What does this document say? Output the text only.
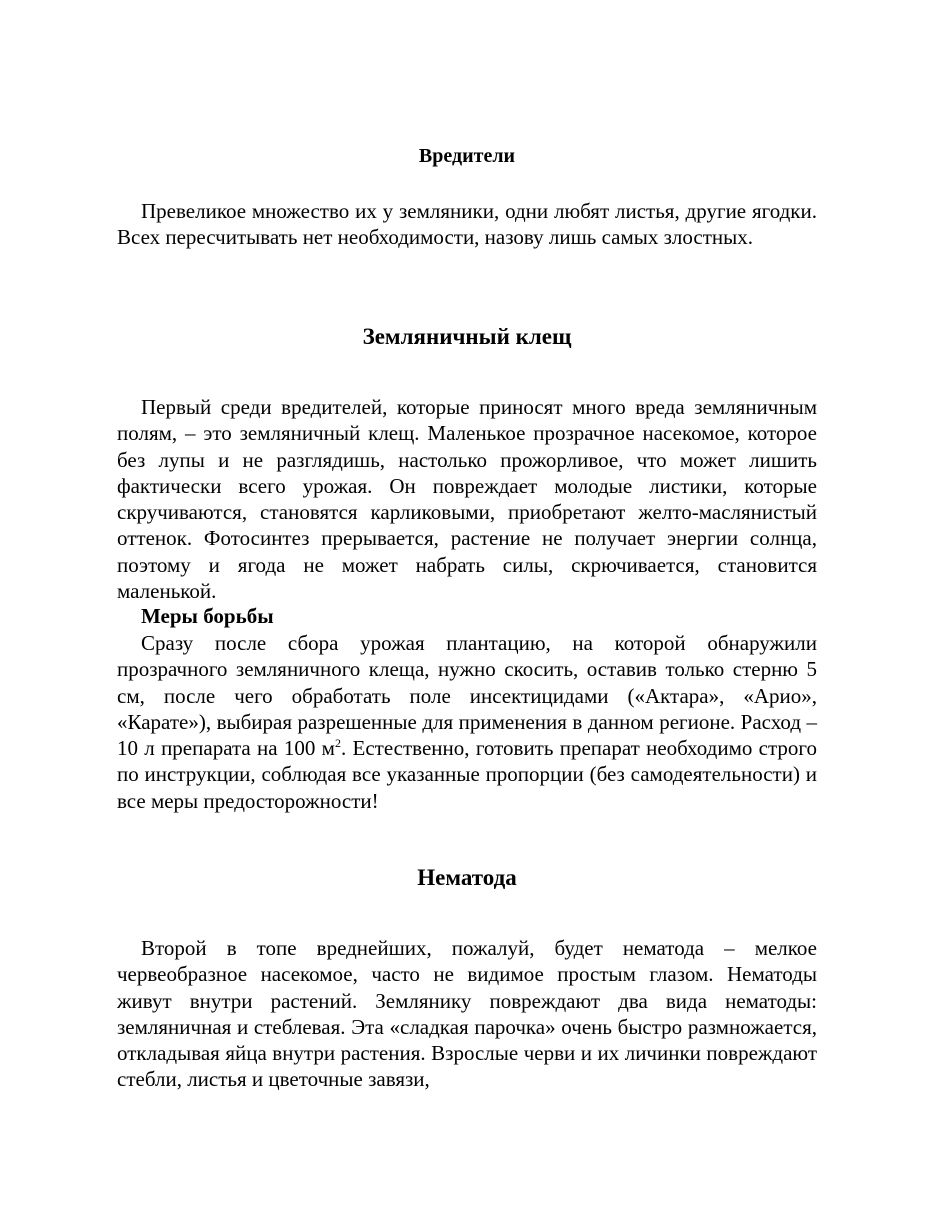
Вредители

Превеликое множество их у земляники, одни любят листья, другие ягодки. Всех пересчитывать нет необходимости, назову лишь самых злостных.

Земляничный клещ

Первый среди вредителей, которые приносят много вреда земляничным полям, – это земляничный клещ. Маленькое прозрачное насекомое, которое без лупы и не разглядишь, настолько прожорливое, что может лишить фактически всего урожая. Он повреждает молодые листики, которые скручиваются, становятся карликовыми, приобретают желто-маслянистый оттенок. Фотосинтез прерывается, растение не получает энергии солнца, поэтому и ягода не может набрать силы, скрючивается, становится маленькой.

Меры борьбы

Сразу после сбора урожая плантацию, на которой обнаружили прозрачного земляничного клеща, нужно скосить, оставив только стерню 5 см, после чего обработать поле инсектицидами («Актара», «Арио», «Карате»), выбирая разрешенные для применения в данном регионе. Расход – 10 л препарата на 100 $м^2$. Естественно, готовить препарат необходимо строго по инструкции, соблюдая все указанные пропорции (без самодеятельности) и все меры предосторожности!

Нематода

Второй в топе вреднейших, пожалуй, будет нематода – мелкое червеобразное насекомое, часто не видимое простым глазом. Нематоды живут внутри растений. Землянику повреждают два вида нематоды: земляничная и стеблевая. Эта «сладкая парочка» очень быстро размножается, откладывая яйца внутри растения. Взрослые черви и их личинки повреждают стебли, листья и цветочные завязи,
